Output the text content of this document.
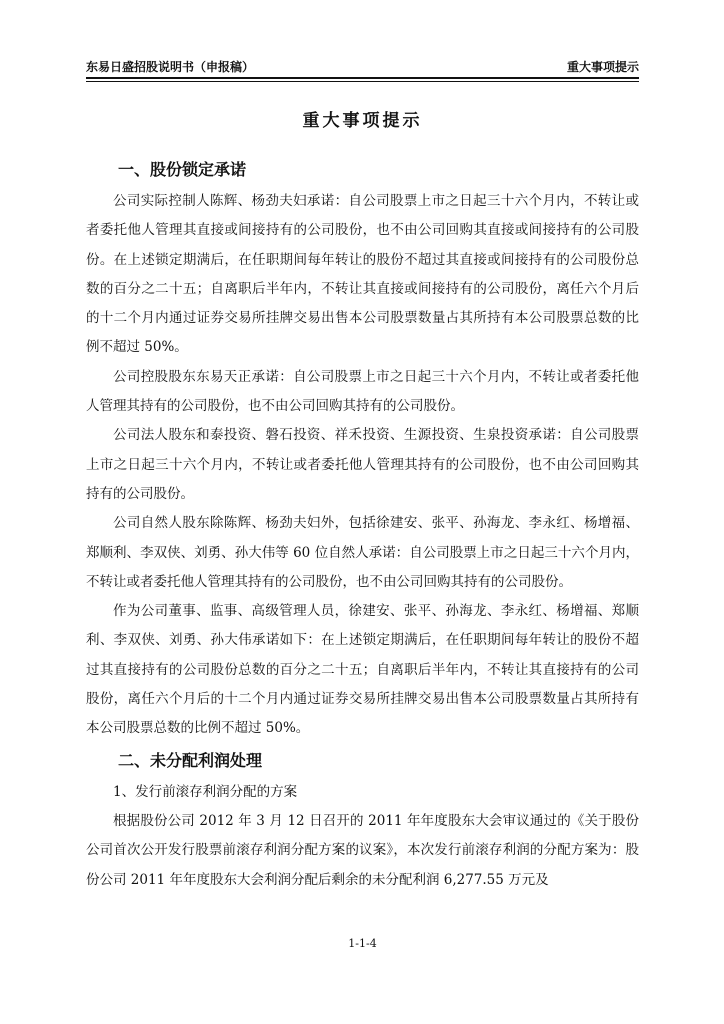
东易日盛招股说明书（申报稿）	重大事项提示
重大事项提示
一、股份锁定承诺

公司实际控制人陈辉、杨劲夫妇承诺：自公司股票上市之日起三十六个月内，不转让或者委托他人管理其直接或间接持有的公司股份，也不由公司回购其直接或间接持有的公司股份。在上述锁定期满后，在任职期间每年转让的股份不超过其直接或间接持有的公司股份总数的百分之二十五；自离职后半年内，不转让其直接或间接持有的公司股份，离任六个月后的十二个月内通过证券交易所挂牌交易出售本公司股票数量占其所持有本公司股票总数的比例不超过 50%。

公司控股股东东易天正承诺：自公司股票上市之日起三十六个月内，不转让或者委托他人管理其持有的公司股份，也不由公司回购其持有的公司股份。

公司法人股东和泰投资、磐石投资、祥禾投资、生源投资、生泉投资承诺：自公司股票上市之日起三十六个月内，不转让或者委托他人管理其持有的公司股份，也不由公司回购其持有的公司股份。

公司自然人股东除陈辉、杨劲夫妇外，包括徐建安、张平、孙海龙、李永红、杨增福、郑顺利、李双侠、刘勇、孙大伟等 60 位自然人承诺：自公司股票上市之日起三十六个月内，不转让或者委托他人管理其持有的公司股份，也不由公司回购其持有的公司股份。

作为公司董事、监事、高级管理人员，徐建安、张平、孙海龙、李永红、杨增福、郑顺利、李双侠、刘勇、孙大伟承诺如下：在上述锁定期满后，在任职期间每年转让的股份不超过其直接持有的公司股份总数的百分之二十五；自离职后半年内，不转让其直接持有的公司股份，离任六个月后的十二个月内通过证券交易所挂牌交易出售本公司股票数量占其所持有本公司股票总数的比例不超过 50%。

二、未分配利润处理

1、发行前滚存利润分配的方案

根据股份公司 2012 年 3 月 12 日召开的 2011 年年度股东大会审议通过的《关于股份公司首次公开发行股票前滚存利润分配方案的议案》，本次发行前滚存利润的分配方案为：股份公司 2011 年年度股东大会利润分配后剩余的未分配利润 6,277.55 万元及

1-1-4
